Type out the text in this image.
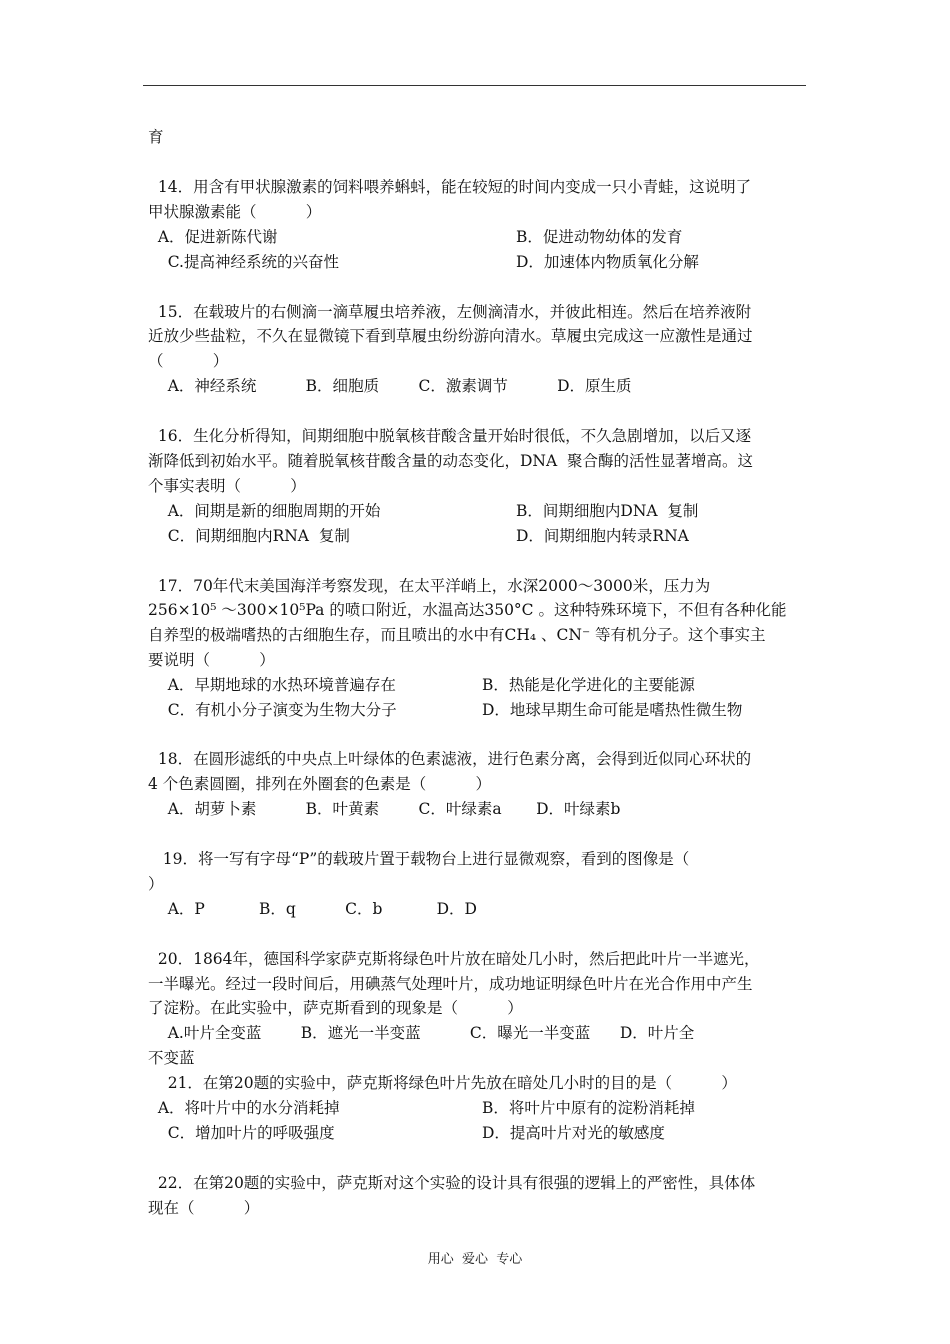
育
14．用含有甲状腺激素的饲料喂养蝌蚪，能在较短的时间内变成一只小青蛙，这说明了
甲状腺激素能（          ）
A．促进新陈代谢	B．促进动物幼体的发育
C.提高神经系统的兴奋性	D．加速体内物质氧化分解
15．在载玻片的右侧滴一滴草履虫培养液，左侧滴清水，并彼此相连。然后在培养液附
近放少些盐粒，不久在显微镜下看到草履虫纷纷游向清水。草履虫完成这一应激性是通过
（          ）
A．神经系统          B．细胞质        C．激素调节          D．原生质
16．生化分析得知，间期细胞中脱氧核苷酸含量开始时很低，不久急剧增加，以后又逐
渐降低到初始水平。随着脱氧核苷酸含量的动态变化，DNA  聚合酶的活性显著增高。这
个事实表明（          ）
A．间期是新的细胞周期的开始	B．间期细胞内DNA  复制
C．间期细胞内RNA  复制	D．间期细胞内转录RNA
17．70年代末美国海洋考察发现，在太平洋峭上，水深2000～3000米，压力为
256×10⁵ ～300×10⁵Pa 的喷口附近，水温高达350°C 。这种特殊环境下，不但有各种化能
自养型的极端嗜热的古细胞生存，而且喷出的水中有CH₄ 、CN⁻ 等有机分子。这个事实主
要说明（          ）
A．早期地球的水热环境普遍存在	B．热能是化学进化的主要能源
C．有机小分子演变为生物大分子	D．地球早期生命可能是嗜热性微生物
18．在圆形滤纸的中央点上叶绿体的色素滤液，进行色素分离，会得到近似同心环状的
4 个色素圆圈，排列在外圈套的色素是（          ）
A．胡萝卜素          B．叶黄素        C．叶绿素a       D．叶绿素b
19．将一写有字母“P”的载玻片置于载物台上进行显微观察，看到的图像是（
）
A．P           B．q          C．b           D．D
20．1864年，德国科学家萨克斯将绿色叶片放在暗处几小时，然后把此叶片一半遮光，
一半曝光。经过一段时间后，用碘蒸气处理叶片，成功地证明绿色叶片在光合作用中产生
了淀粉。在此实验中，萨克斯看到的现象是（          ）
A.叶片全变蓝        B．遮光一半变蓝          C．曝光一半变蓝      D．叶片全
不变蓝
21．在第20题的实验中，萨克斯将绿色叶片先放在暗处几小时的目的是（          ）
A．将叶片中的水分消耗掉	B．将叶片中原有的淀粉消耗掉
C．增加叶片的呼吸强度	D．提高叶片对光的敏感度
22．在第20题的实验中，萨克斯对这个实验的设计具有很强的逻辑上的严密性，具体体
现在（          ）
用心  爱心  专心
